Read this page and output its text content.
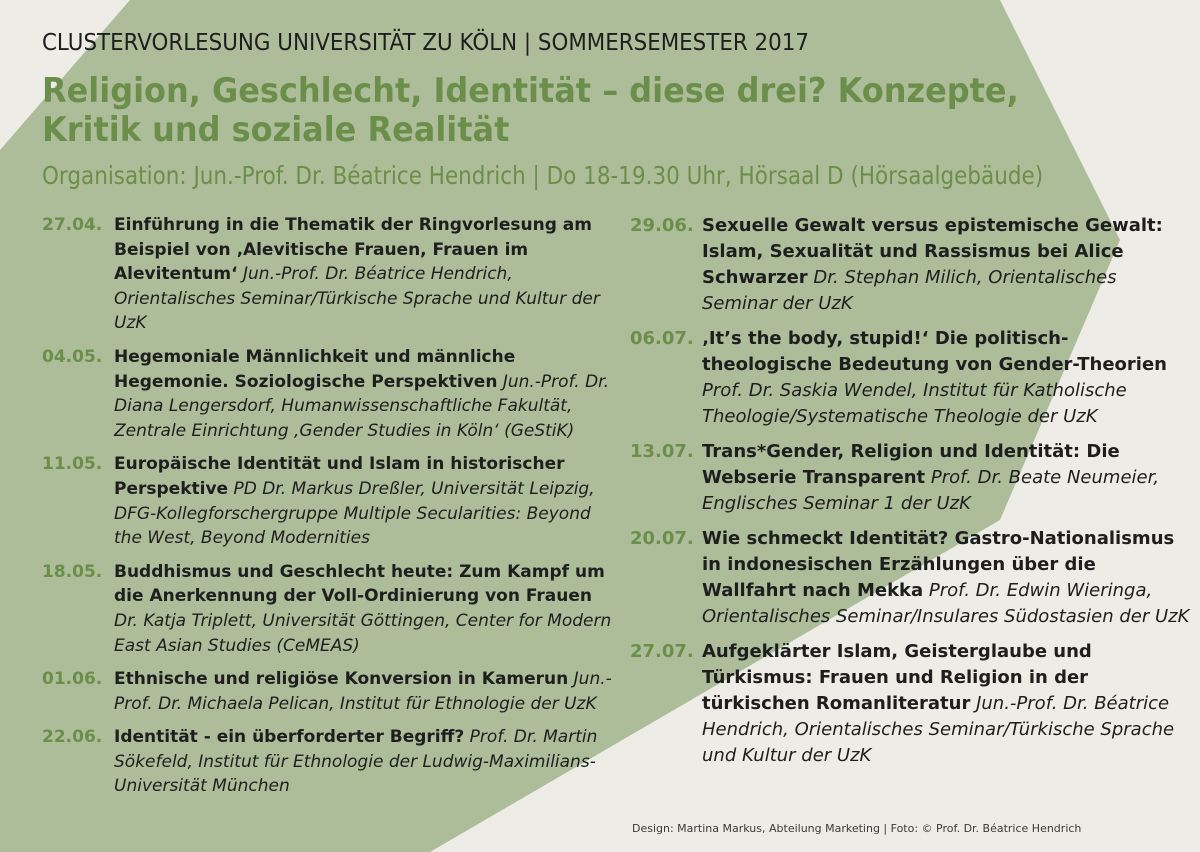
CLUSTERVORLESUNG UNIVERSITÄT ZU KÖLN | SOMMERSEMESTER 2017
Religion, Geschlecht, Identität – diese drei? Konzepte, Kritik und soziale Realität
Organisation: Jun.-Prof. Dr. Béatrice Hendrich | Do 18-19.30 Uhr, Hörsaal D (Hörsaalgebäude)
27.04. Einführung in die Thematik der Ringvorlesung am Beispiel von ‚Alevitische Frauen, Frauen im Alevitentum‘ Jun.-Prof. Dr. Béatrice Hendrich, Orientalisches Seminar/Türkische Sprache und Kultur der UzK
04.05. Hegemoniale Männlichkeit und männliche Hegemonie. Soziologische Perspektiven Jun.-Prof. Dr. Diana Lengersdorf, Humanwissenschaftliche Fakultät, Zentrale Einrichtung ‚Gender Studies in Köln‘ (GeStiK)
11.05. Europäische Identität und Islam in historischer Perspektive PD Dr. Markus Dreßler, Universität Leipzig, DFG-Kollegforschergruppe Multiple Secularities: Beyond the West, Beyond Modernities
18.05. Buddhismus und Geschlecht heute: Zum Kampf um die Anerkennung der Voll-Ordinierung von Frauen Dr. Katja Triplett, Universität Göttingen, Center for Modern East Asian Studies (CeMEAS)
01.06. Ethnische und religiöse Konversion in Kamerun Jun.-Prof. Dr. Michaela Pelican, Institut für Ethnologie der UzK
22.06. Identität - ein überforderter Begriff? Prof. Dr. Martin Sökefeld, Institut für Ethnologie der Ludwig-Maximilians-Universität München
29.06. Sexuelle Gewalt versus epistemische Gewalt: Islam, Sexualität und Rassismus bei Alice Schwarzer Dr. Stephan Milich, Orientalisches Seminar der UzK
06.07. ‚It’s the body, stupid!‘ Die politisch-theologische Bedeutung von Gender-Theorien Prof. Dr. Saskia Wendel, Institut für Katholische Theologie/Systematische Theologie der UzK
13.07. Trans*Gender, Religion und Identität: Die Webserie Transparent Prof. Dr. Beate Neumeier, Englisches Seminar 1 der UzK
20.07. Wie schmeckt Identität? Gastro-Nationalismus in indonesischen Erzählungen über die Wallfahrt nach Mekka Prof. Dr. Edwin Wieringa, Orientalisches Seminar/Insulares Südostasien der UzK
27.07. Aufgeklärter Islam, Geisterglaube und Türkismus: Frauen und Religion in der türkischen Romanliteratur Jun.-Prof. Dr. Béatrice Hendrich, Orientalisches Seminar/Türkische Sprache und Kultur der UzK

Design: Martina Markus, Abteilung Marketing | Foto: © Prof. Dr. Béatrice Hendrich
